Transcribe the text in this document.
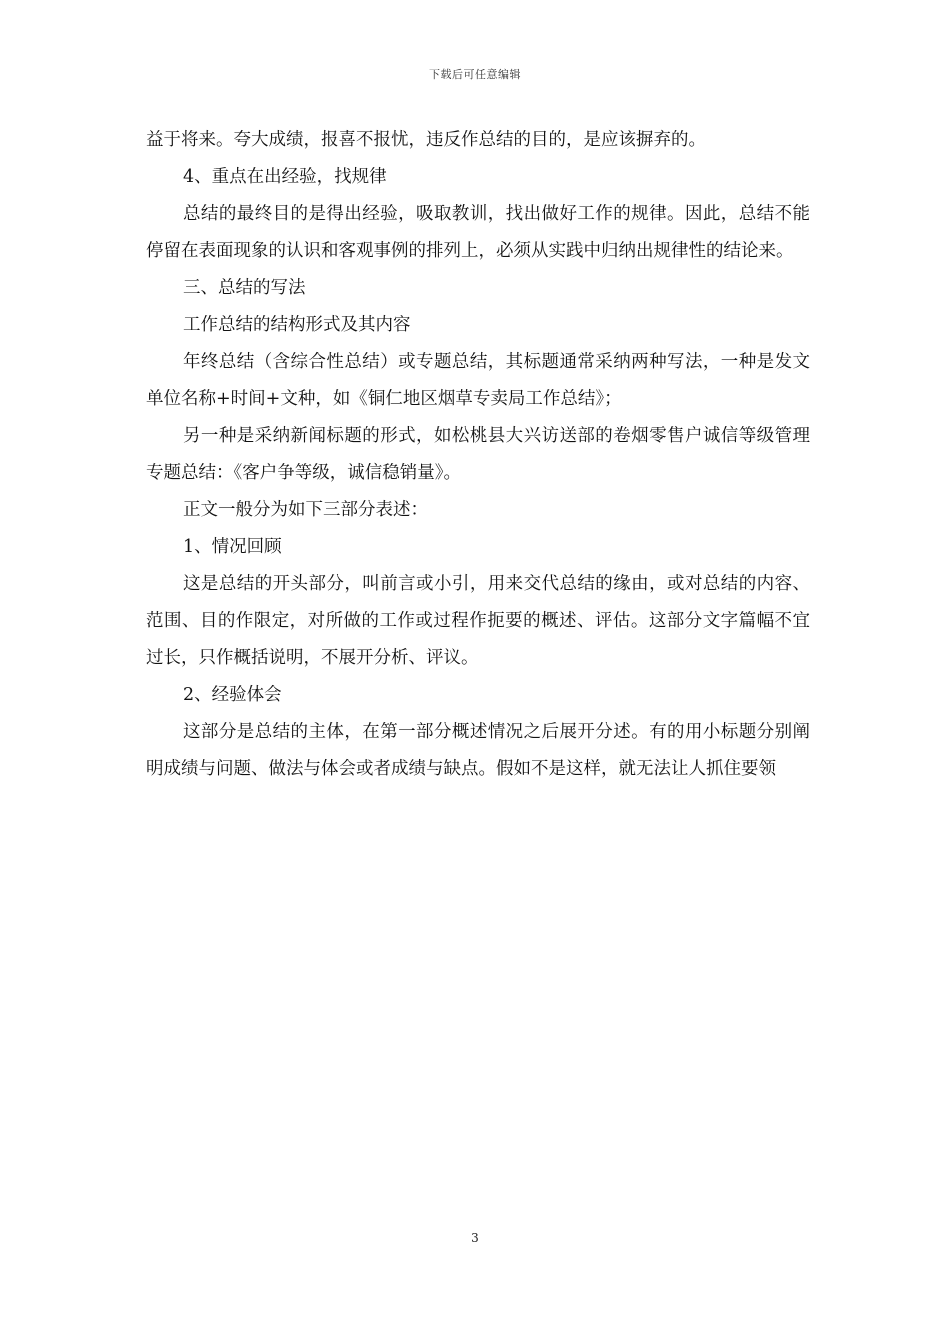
下载后可任意编辑

益于将来。夸大成绩，报喜不报忧，违反作总结的目的，是应该摒弃的。

4、重点在出经验，找规律

总结的最终目的是得出经验，吸取教训，找出做好工作的规律。因此，总结不能停留在表面现象的认识和客观事例的排列上，必须从实践中归纳出规律性的结论来。

三、总结的写法

工作总结的结构形式及其内容

年终总结（含综合性总结）或专题总结，其标题通常采纳两种写法，一种是发文单位名称+时间+文种，如《铜仁地区烟草专卖局工作总结》；

另一种是采纳新闻标题的形式，如松桃县大兴访送部的卷烟零售户诚信等级管理专题总结：《客户争等级，诚信稳销量》。

正文一般分为如下三部分表述：

1、情况回顾

这是总结的开头部分，叫前言或小引，用来交代总结的缘由，或对总结的内容、范围、目的作限定，对所做的工作或过程作扼要的概述、评估。这部分文字篇幅不宜过长，只作概括说明，不展开分析、评议。

2、经验体会

这部分是总结的主体，在第一部分概述情况之后展开分述。有的用小标题分别阐明成绩与问题、做法与体会或者成绩与缺点。假如不是这样，就无法让人抓住要领

3
